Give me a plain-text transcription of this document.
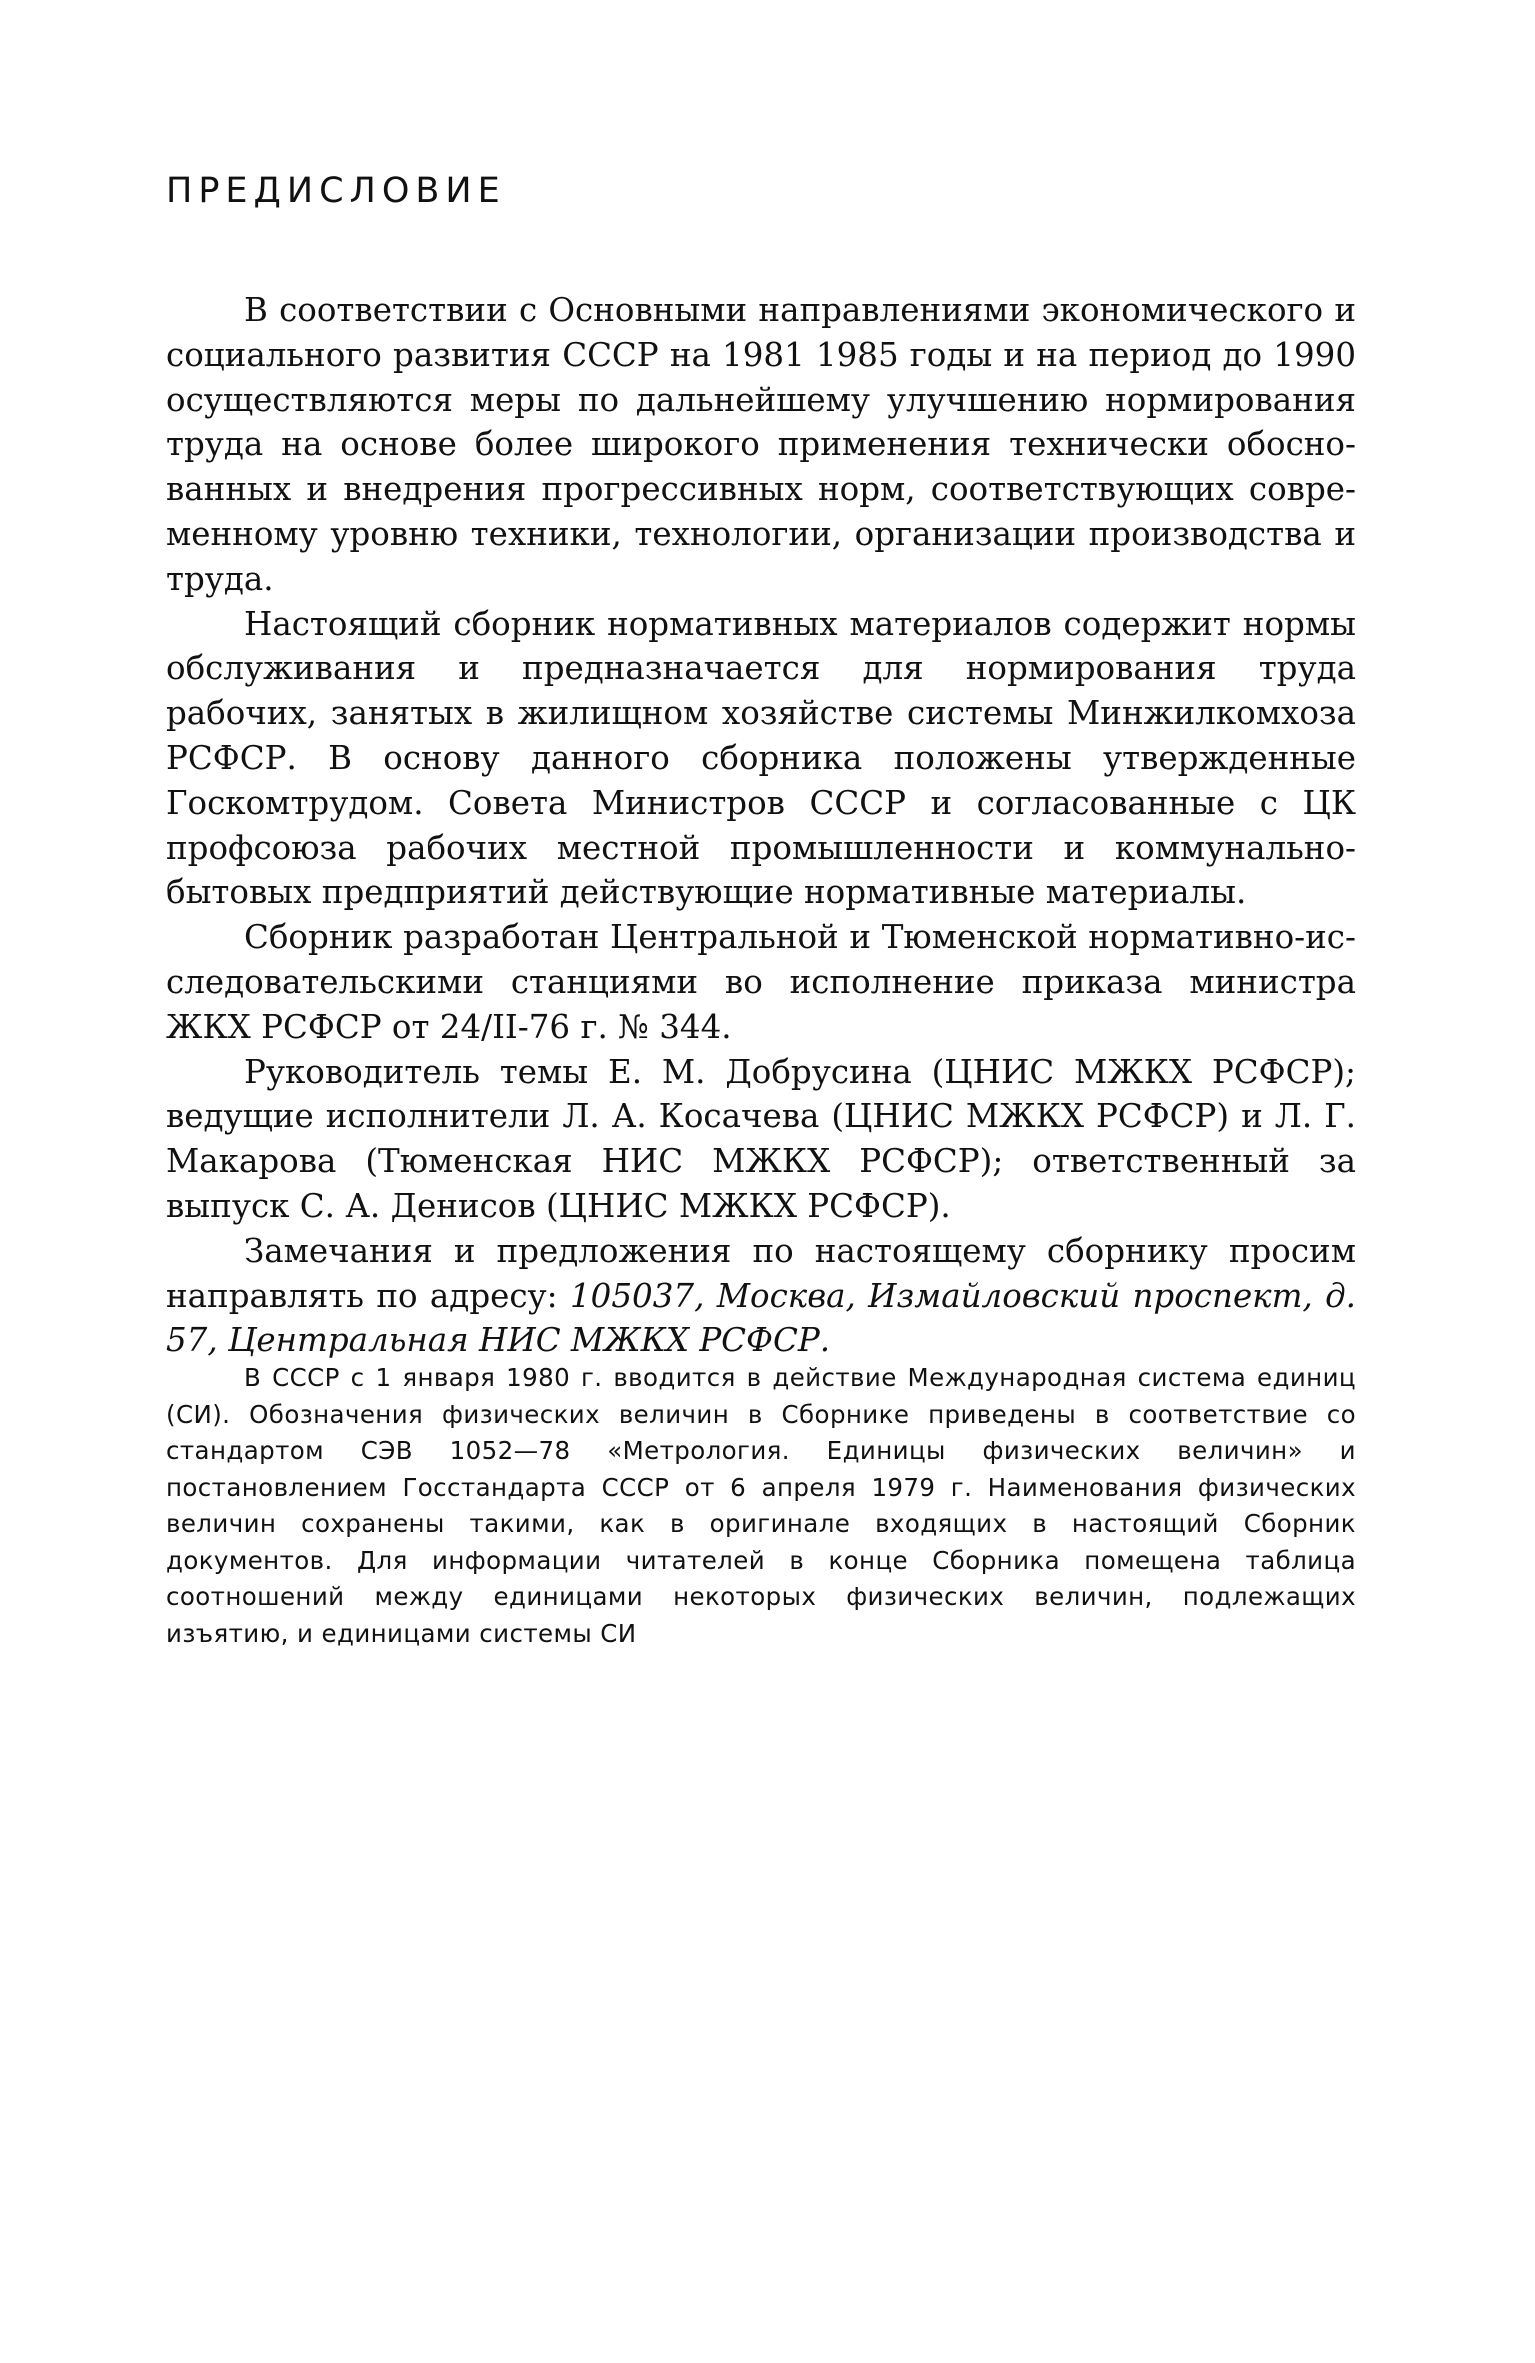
ПРЕДИСЛОВИЕ

В соответствии с Основными направлениями экономического и социального развития СССР на 1981 1985 годы и на период до 1990 осуществляются меры по дальнейшему улучшению нормирования труда на основе более широкого применения технически обоснованных и внедрения прогрессивных норм, соответствующих современному уровню техники, технологии, организации производства и труда.

Настоящий сборник нормативных материалов содержит нормы обслуживания и предназначается для нормирования труда рабочих, занятых в жилищном хозяйстве системы Минжилкомхоза РСФСР. В основу данного сборника положены утвержденные Госкомтрудом. Совета Министров СССР и согласованные с ЦК профсоюза рабочих местной промышленности и коммунально-бытовых предприятий действующие нормативные материалы.

Сборник разработан Центральной и Тюменской нормативно-исследовательскими станциями во исполнение приказа министра ЖКХ РСФСР от 24/II-76 г. № 344.

Руководитель темы Е. М. Добрусина (ЦНИС МЖКХ РСФСР); ведущие исполнители Л. А. Косачева (ЦНИС МЖКХ РСФСР) и Л. Г. Макарова (Тюменская НИС МЖКХ РСФСР); ответственный за выпуск С. А. Денисов (ЦНИС МЖКХ РСФСР).

Замечания и предложения по настоящему сборнику просим направлять по адресу: 105037, Москва, Измайловский проспект, д. 57, Центральная НИС МЖКХ РСФСР.

В СССР с 1 января 1980 г. вводится в действие Международная система единиц (СИ). Обозначения физических величин в Сборнике приведены в соответствие со стандартом СЭВ 1052—78 «Метрология. Единицы физических величин» и постановлением Госстандарта СССР от 6 апреля 1979 г. Наименования физических величин сохранены такими, как в оригинале входящих в настоящий Сборник документов. Для информации читателей в конце Сборника помещена таблица соотношений между единицами некоторых физических величин, подлежащих изъятию, и единицами системы СИ
